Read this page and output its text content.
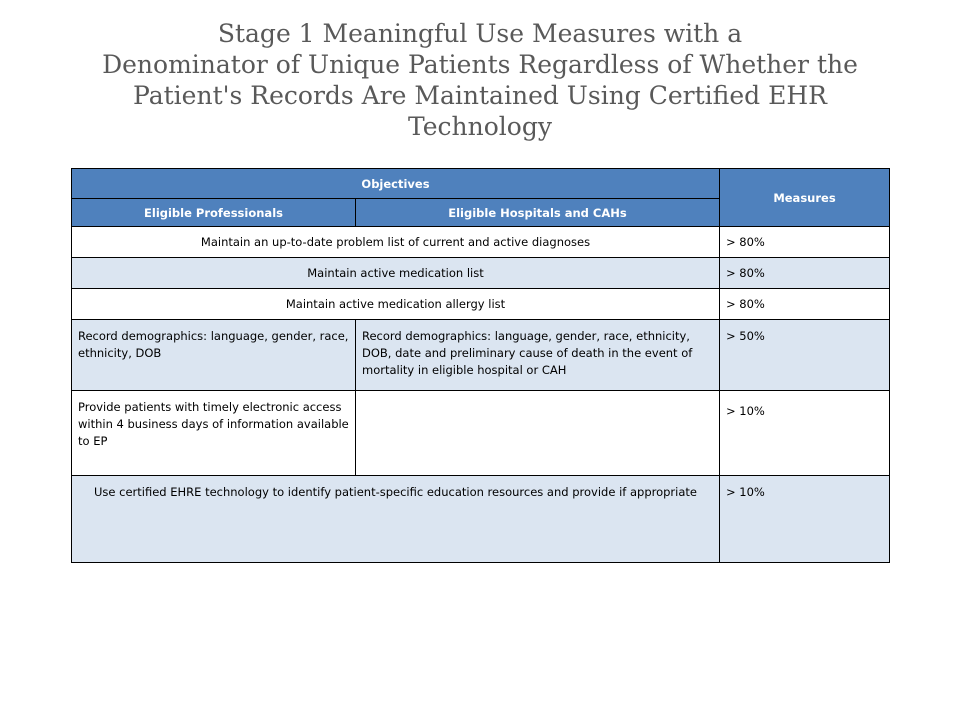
Stage 1 Meaningful Use Measures with a
Denominator of Unique Patients Regardless of Whether the
Patient's Records Are Maintained Using Certified EHR
Technology
Objectives		Measures
Eligible Professionals	Eligible Hospitals and CAHs	
Maintain an up-to-date problem list of current and active diagnoses		> 80%
Maintain active medication list		> 80%
Maintain active medication allergy list		> 80%
Record demographics: language, gender, race, ethnicity, DOB	Record demographics: language, gender, race, ethnicity, DOB, date and preliminary cause of death in the event of mortality in eligible hospital or CAH	> 50%
Provide patients with timely electronic access within 4 business days of information available to EP		> 10%
Use certified EHRE technology to identify patient-specific education resources and provide if appropriate		> 10%
